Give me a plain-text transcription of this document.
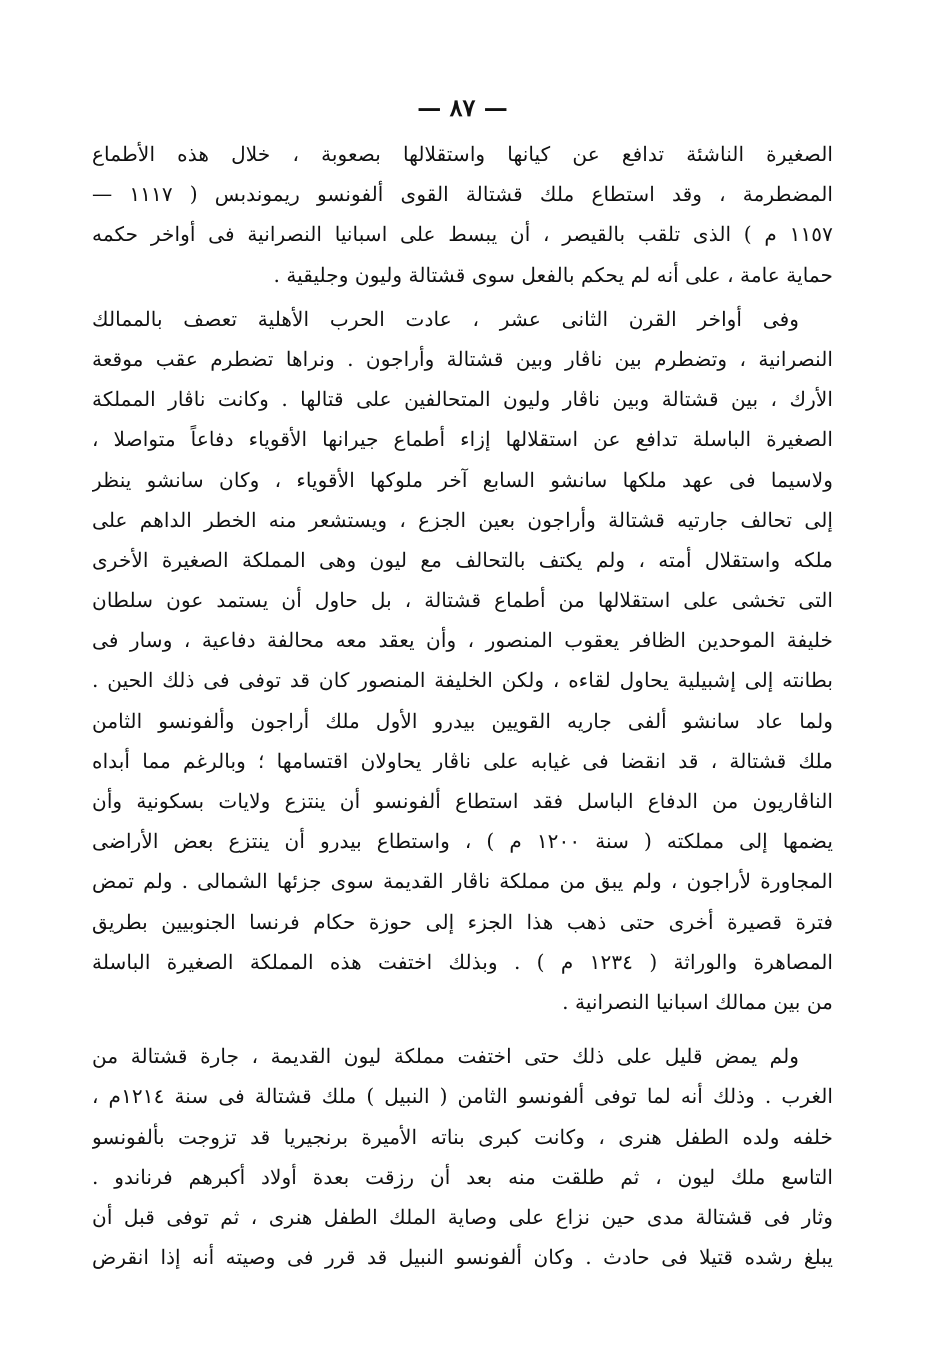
— ٨٧ —
الصغيرة الناشئة تدافع عن كيانها واستقلالها بصعوبة ، خلال هذه الأطماع
المضطرمة ، وقد استطاع ملك قشتالة القوى ألفونسو ريموندبس ( ١١١٧ —
١١٥٧ م ) الذى تلقب بالقيصر ، أن يبسط على اسبانيا النصرانية فى أواخر حكمه
حماية عامة ، على أنه لم يحكم بالفعل سوى قشتالة وليون وجليقية .
وفى أواخر القرن الثانى عشر ، عادت الحرب الأهلية تعصف بالممالك
النصرانية ، وتضطرم بين ناڤار وبين قشتالة وأراجون . ونراها تضطرم عقب موقعة
الأرك ، بين قشتالة وبين ناڤار وليون المتحالفين على قتالها . وكانت ناڤار المملكة
الصغيرة الباسلة تدافع عن استقلالها إزاء أطماع جيرانها الأقوياء دفاعاً متواصلا ،
ولاسيما فى عهد ملكها سانشو السابع آخر ملوكها الأقوياء ، وكان سانشو ينظر
إلى تحالف جارتيه قشتالة وأراجون بعين الجزع ، ويستشعر منه الخطر الداهم على
ملكه واستقلال أمته ، ولم يكتف بالتحالف مع ليون وهى المملكة الصغيرة الأخرى
التى تخشى على استقلالها من أطماع قشتالة ، بل حاول أن يستمد عون سلطان
خليفة الموحدين الظافر يعقوب المنصور ، وأن يعقد معه محالفة دفاعية ، وسار فى
بطانته إلى إشبيلية يحاول لقاءه ، ولكن الخليفة المنصور كان قد توفى فى ذلك الحين .
ولما عاد سانشو ألفى جاريه القويين بيدرو الأول ملك أراجون وألفونسو الثامن
ملك قشتالة ، قد انقضا فى غيابه على ناڤار يحاولان اقتسامها ؛ وبالرغم مما أبداه
الناڤاريون من الدفاع الباسل فقد استطاع ألفونسو أن ينتزع ولايات بسكونية وأن
يضمها إلى مملكته ( سنة ١٢٠٠ م ) ، واستطاع بيدرو أن ينتزع بعض الأراضى
المجاورة لأراجون ، ولم يبق من مملكة ناڤار القديمة سوى جزئها الشمالى . ولم تمض
فترة قصيرة أخرى حتى ذهب هذا الجزء إلى حوزة حكام فرنسا الجنوبيين بطريق
المصاهرة والوراثة ( ١٢٣٤ م ) . وبذلك اختفت هذه المملكة الصغيرة الباسلة
من بين ممالك اسبانيا النصرانية .
ولم يمض قليل على ذلك حتى اختفت مملكة ليون القديمة ، جارة قشتالة من
الغرب . وذلك أنه لما توفى ألفونسو الثامن ( النبيل ) ملك قشتالة فى سنة ١٢١٤م ،
خلفه ولده الطفل هنرى ، وكانت كبرى بناته الأميرة برنجيريا قد تزوجت بألفونسو
التاسع ملك ليون ، ثم طلقت منه بعد أن رزقت بعدة أولاد أكبرهم فرناندو .
وثار فى قشتالة مدى حين نزاع على وصاية الملك الطفل هنرى ، ثم توفى قبل أن
يبلغ رشده قتيلا فى حادث . وكان ألفونسو النبيل قد قرر فى وصيته أنه إذا انقرض
